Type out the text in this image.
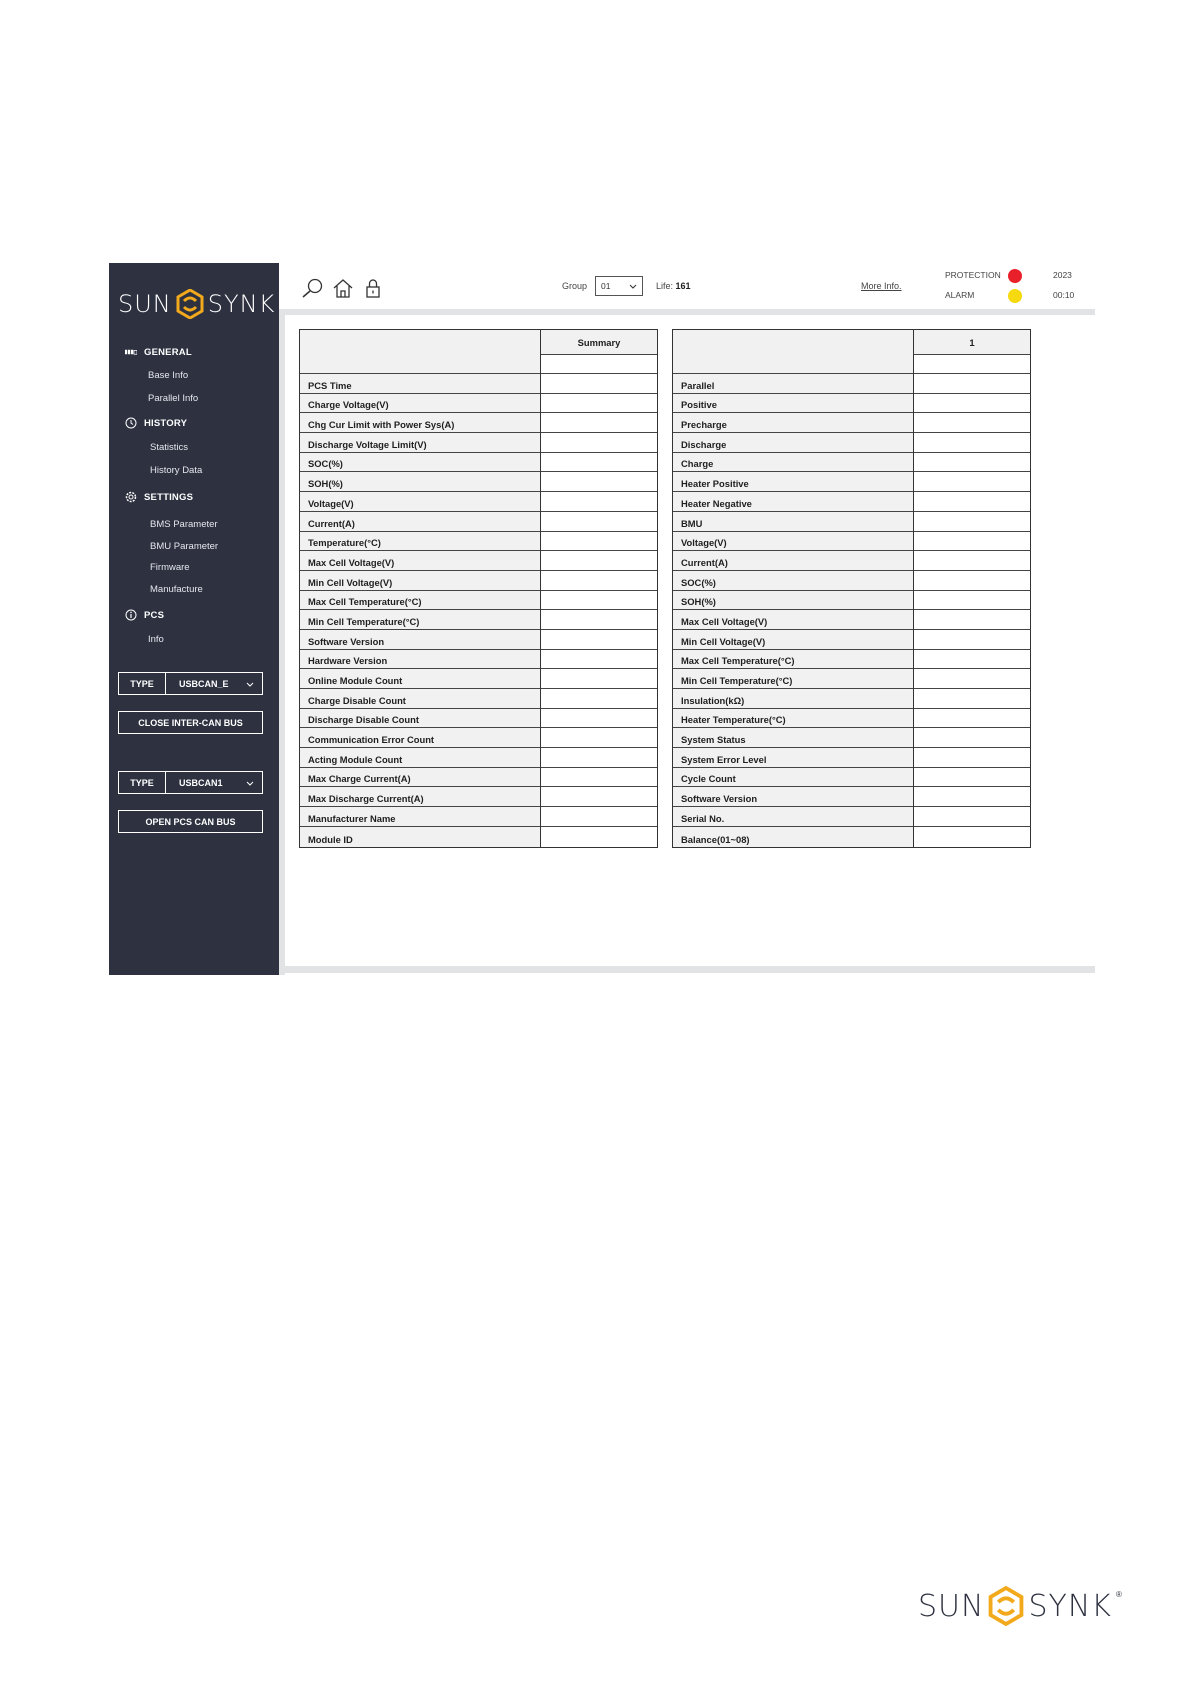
SUN SYNK ®
GENERAL
Base Info
Parallel Info
HISTORY
Statistics
History Data
SETTINGS
BMS Parameter
BMU Parameter
Firmware
Manufacture
PCS
Info
TYPE	USBCAN_E
CLOSE INTER-CAN BUS
TYPE	USBCAN1
OPEN PCS CAN BUS
Group 01	Life: 161	More Info.
PROTECTION
ALARM
2023
00:10
Summary
PCS Time
Charge Voltage(V)
Chg Cur Limit with Power Sys(A)
Discharge Voltage Limit(V)
SOC(%)
SOH(%)
Voltage(V)
Current(A)
Temperature(°C)
Max Cell Voltage(V)
Min Cell Voltage(V)
Max Cell Temperature(°C)
Min Cell Temperature(°C)
Software Version
Hardware Version
Online Module Count
Charge Disable Count
Discharge Disable Count
Communication Error Count
Acting Module Count
Max Charge Current(A)
Max Discharge Current(A)
Manufacturer Name
Module ID
1
Parallel
Positive
Precharge
Discharge
Charge
Heater Positive
Heater Negative
BMU
Voltage(V)
Current(A)
SOC(%)
SOH(%)
Max Cell Voltage(V)
Min Cell Voltage(V)
Max Cell Temperature(°C)
Min Cell Temperature(°C)
Insulation(kΩ)
Heater Temperature(°C)
System Status
System Error Level
Cycle Count
Software Version
Serial No.
Balance(01~08)
SUN SYNK ®
